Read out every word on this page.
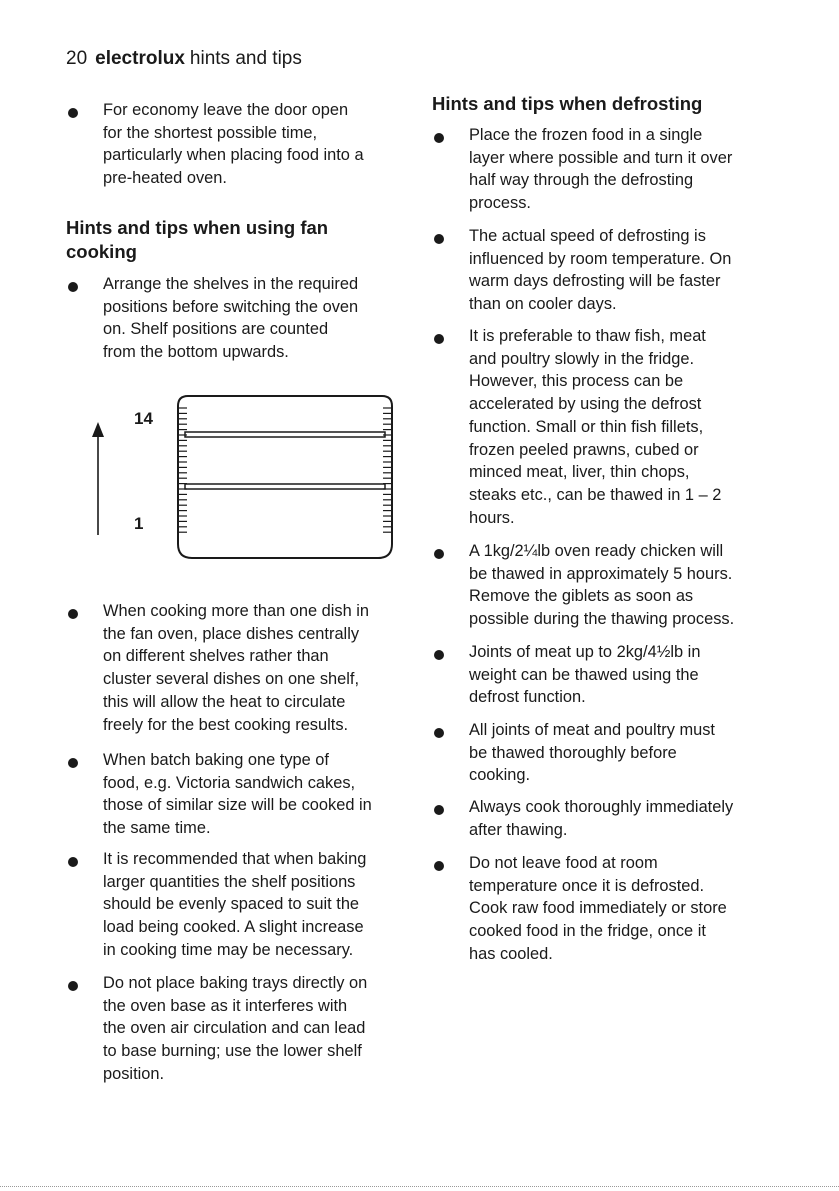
20 electrolux hints and tips
For economy leave the door open
for the shortest possible time,
particularly when placing food into a
pre-heated oven.
Hints and tips when using fan
cooking
Arrange the shelves in the required
positions before switching the oven
on. Shelf positions are counted
from the bottom upwards.
14
1
When cooking more than one dish in
the fan oven, place dishes centrally
on different shelves rather than
cluster several dishes on one shelf,
this will allow the heat to circulate
freely for the best cooking results.
When batch baking one type of
food, e.g. Victoria sandwich cakes,
those of similar size will be cooked in
the same time.
It is recommended that when baking
larger quantities the shelf positions
should be evenly spaced to suit the
load being cooked. A slight increase
in cooking time may be necessary.
Do not place baking trays directly on
the oven base as it interferes with
the oven air circulation and can lead
to base burning; use the lower shelf
position.
Hints and tips when defrosting
Place the frozen food in a single
layer where possible and turn it over
half way through the defrosting
process.
The actual speed of defrosting is
influenced by room temperature. On
warm days defrosting will be faster
than on cooler days.
It is preferable to thaw fish, meat
and poultry slowly in the fridge.
However, this process can be
accelerated by using the defrost
function. Small or thin fish fillets,
frozen peeled prawns, cubed or
minced meat, liver, thin chops,
steaks etc., can be thawed in 1 – 2
hours.
A 1kg/2¼lb oven ready chicken will
be thawed in approximately 5 hours.
Remove the giblets as soon as
possible during the thawing process.
Joints of meat up to 2kg/4½lb in
weight can be thawed using the
defrost function.
All joints of meat and poultry must
be thawed thoroughly before
cooking.
Always cook thoroughly immediately
after thawing.
Do not leave food at room
temperature once it is defrosted.
Cook raw food immediately or store
cooked food in the fridge, once it
has cooled.
